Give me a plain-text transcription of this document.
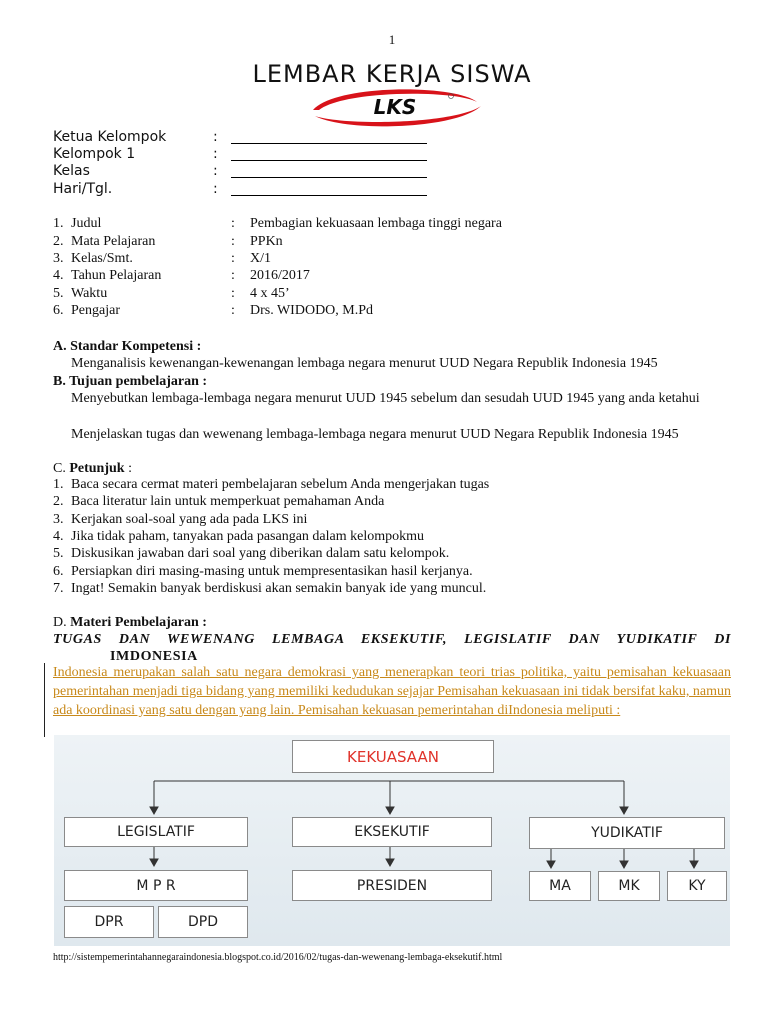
1
LEMBAR KERJA SISWA
LKS
Ketua Kelompok	:
Kelompok 1	:
Kelas	:
Hari/Tgl.	:
1. Judul	: Pembagian kekuasaan lembaga tinggi negara
2. Mata Pelajaran	: PPKn
3. Kelas/Smt.	: X/1
4. Tahun Pelajaran	: 2016/2017
5. Waktu	: 4 x 45’
6. Pengajar	: Drs. WIDODO, M.Pd
A. Standar Kompetensi :
Menganalisis kewenangan-kewenangan lembaga negara menurut UUD Negara Republik Indonesia 1945
B. Tujuan pembelajaran :
Menyebutkan lembaga-lembaga negara menurut UUD 1945 sebelum dan sesudah UUD 1945 yang anda ketahui
Menjelaskan tugas dan wewenang lembaga-lembaga negara menurut UUD Negara Republik Indonesia 1945
C. Petunjuk :
1. Baca secara cermat materi pembelajaran sebelum Anda mengerjakan tugas
2. Baca literatur lain untuk memperkuat pemahaman Anda
3. Kerjakan soal-soal yang ada pada LKS ini
4. Jika tidak paham, tanyakan pada pasangan dalam kelompokmu
5. Diskusikan jawaban dari soal yang diberikan dalam satu kelompok.
6. Persiapkan diri masing-masing untuk mempresentasikan hasil kerjanya.
7. Ingat! Semakin banyak berdiskusi akan semakin banyak ide yang muncul.
D. Materi Pembelajaran :
TUGAS DAN WEWENANG LEMBAGA EKSEKUTIF, LEGISLATIF DAN YUDIKATIF DI
IMDONESIA
Indonesia merupakan salah satu negara demokrasi yang menerapkan teori trias politika, yaitu pemisahan kekuasaan pemerintahan menjadi tiga bidang yang memiliki kedudukan sejajar Pemisahan kekuasaan ini tidak bersifat kaku, namun ada koordinasi yang satu dengan yang lain. Pemisahan kekuasan pemerintahan diIndonesia meliputi :
KEKUASAAN
LEGISLATIF	EKSEKUTIF	YUDIKATIF
M P R	PRESIDEN	MA	MK	KY
DPR	DPD
http://sistempemerintahannegaraindonesia.blogspot.co.id/2016/02/tugas-dan-wewenang-lembaga-eksekutif.html
